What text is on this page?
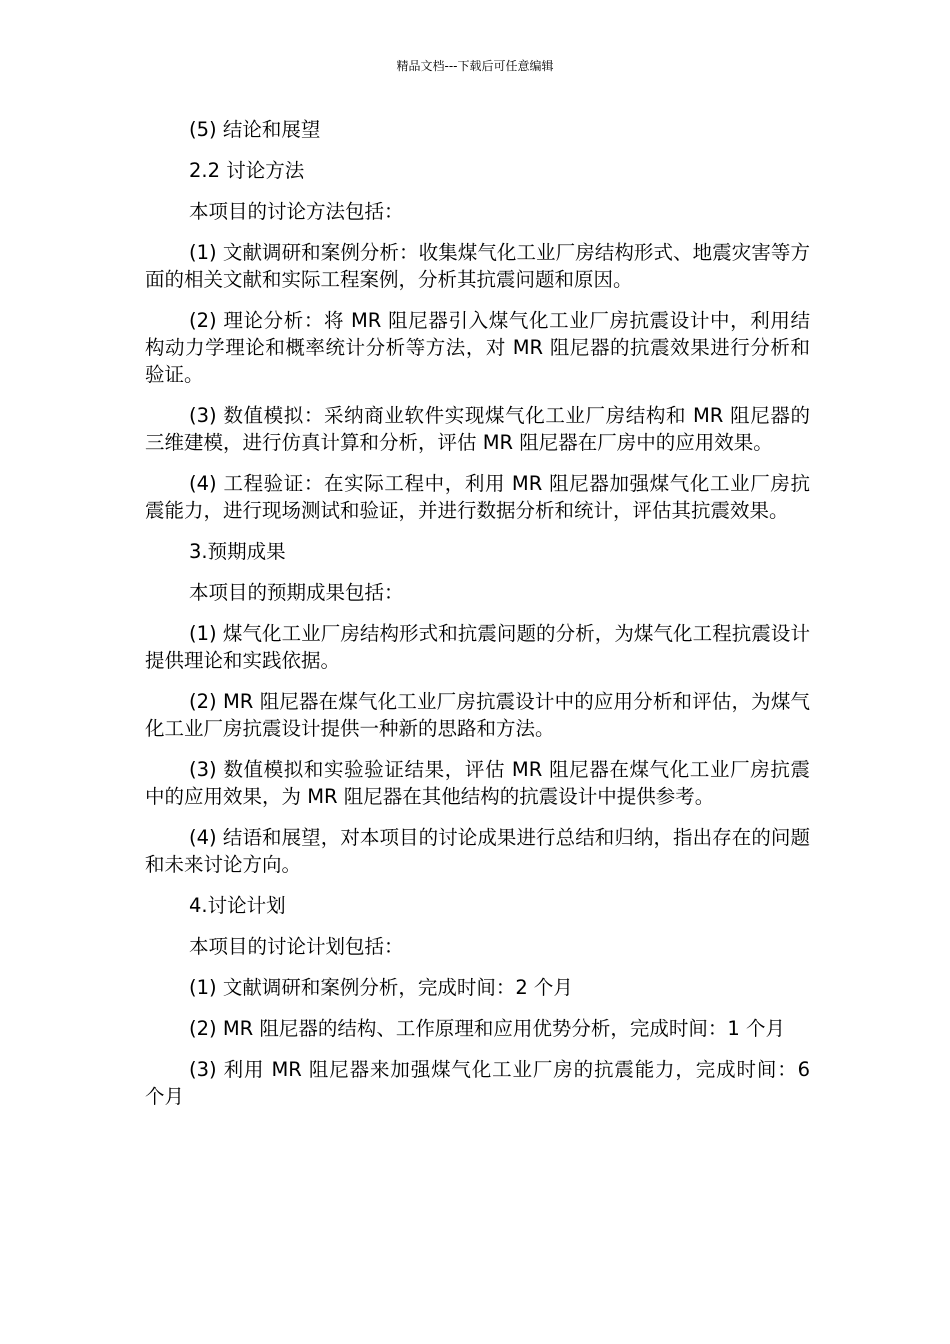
精品文档---下载后可任意编辑

(5) 结论和展望

2.2 讨论方法

本项目的讨论方法包括：

(1) 文献调研和案例分析：收集煤气化工业厂房结构形式、地震灾害等方面的相关文献和实际工程案例，分析其抗震问题和原因。

(2) 理论分析：将 MR 阻尼器引入煤气化工业厂房抗震设计中，利用结构动力学理论和概率统计分析等方法，对 MR 阻尼器的抗震效果进行分析和验证。

(3) 数值模拟：采纳商业软件实现煤气化工业厂房结构和 MR 阻尼器的三维建模，进行仿真计算和分析，评估 MR 阻尼器在厂房中的应用效果。

(4) 工程验证：在实际工程中，利用 MR 阻尼器加强煤气化工业厂房抗震能力，进行现场测试和验证，并进行数据分析和统计，评估其抗震效果。

3.预期成果

本项目的预期成果包括：

(1) 煤气化工业厂房结构形式和抗震问题的分析，为煤气化工程抗震设计提供理论和实践依据。

(2) MR 阻尼器在煤气化工业厂房抗震设计中的应用分析和评估，为煤气化工业厂房抗震设计提供一种新的思路和方法。

(3) 数值模拟和实验验证结果，评估 MR 阻尼器在煤气化工业厂房抗震中的应用效果，为 MR 阻尼器在其他结构的抗震设计中提供参考。

(4) 结语和展望，对本项目的讨论成果进行总结和归纳，指出存在的问题和未来讨论方向。

4.讨论计划

本项目的讨论计划包括：

(1) 文献调研和案例分析，完成时间：2 个月

(2) MR 阻尼器的结构、工作原理和应用优势分析，完成时间：1 个月

(3) 利用 MR 阻尼器来加强煤气化工业厂房的抗震能力，完成时间：6 个月
